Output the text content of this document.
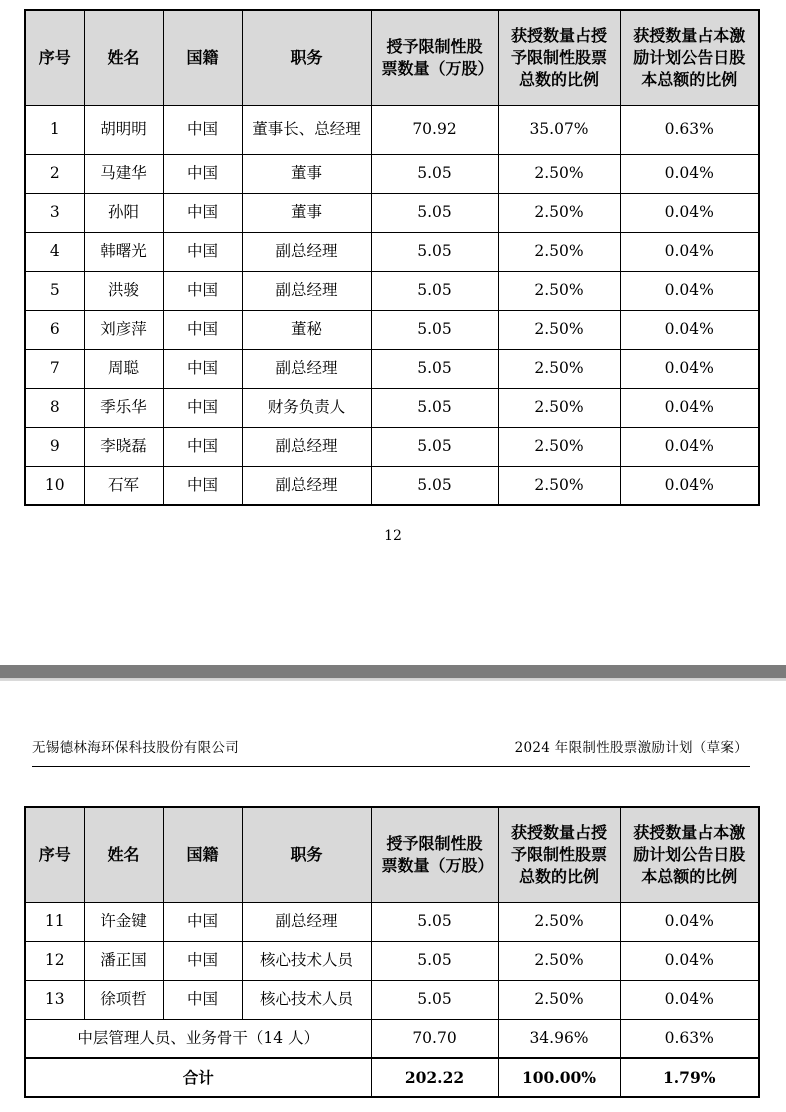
序号	姓名	国籍	职务	授予限制性股票数量（万股）	获授数量占授予限制性股票总数的比例	获授数量占本激励计划公告日股本总额的比例
1	胡明明	中国	董事长、总经理	70.92	35.07%	0.63%
2	马建华	中国	董事	5.05	2.50%	0.04%
3	孙阳	中国	董事	5.05	2.50%	0.04%
4	韩曙光	中国	副总经理	5.05	2.50%	0.04%
5	洪骏	中国	副总经理	5.05	2.50%	0.04%
6	刘彦萍	中国	董秘	5.05	2.50%	0.04%
7	周聪	中国	副总经理	5.05	2.50%	0.04%
8	季乐华	中国	财务负责人	5.05	2.50%	0.04%
9	李晓磊	中国	副总经理	5.05	2.50%	0.04%
10	石军	中国	副总经理	5.05	2.50%	0.04%
12
无锡德林海环保科技股份有限公司	2024 年限制性股票激励计划（草案）
序号	姓名	国籍	职务	授予限制性股票数量（万股）	获授数量占授予限制性股票总数的比例	获授数量占本激励计划公告日股本总额的比例
11	许金键	中国	副总经理	5.05	2.50%	0.04%
12	潘正国	中国	核心技术人员	5.05	2.50%	0.04%
13	徐项哲	中国	核心技术人员	5.05	2.50%	0.04%
中层管理人员、业务骨干（14 人）				70.70	34.96%	0.63%
合计				202.22	100.00%	1.79%
